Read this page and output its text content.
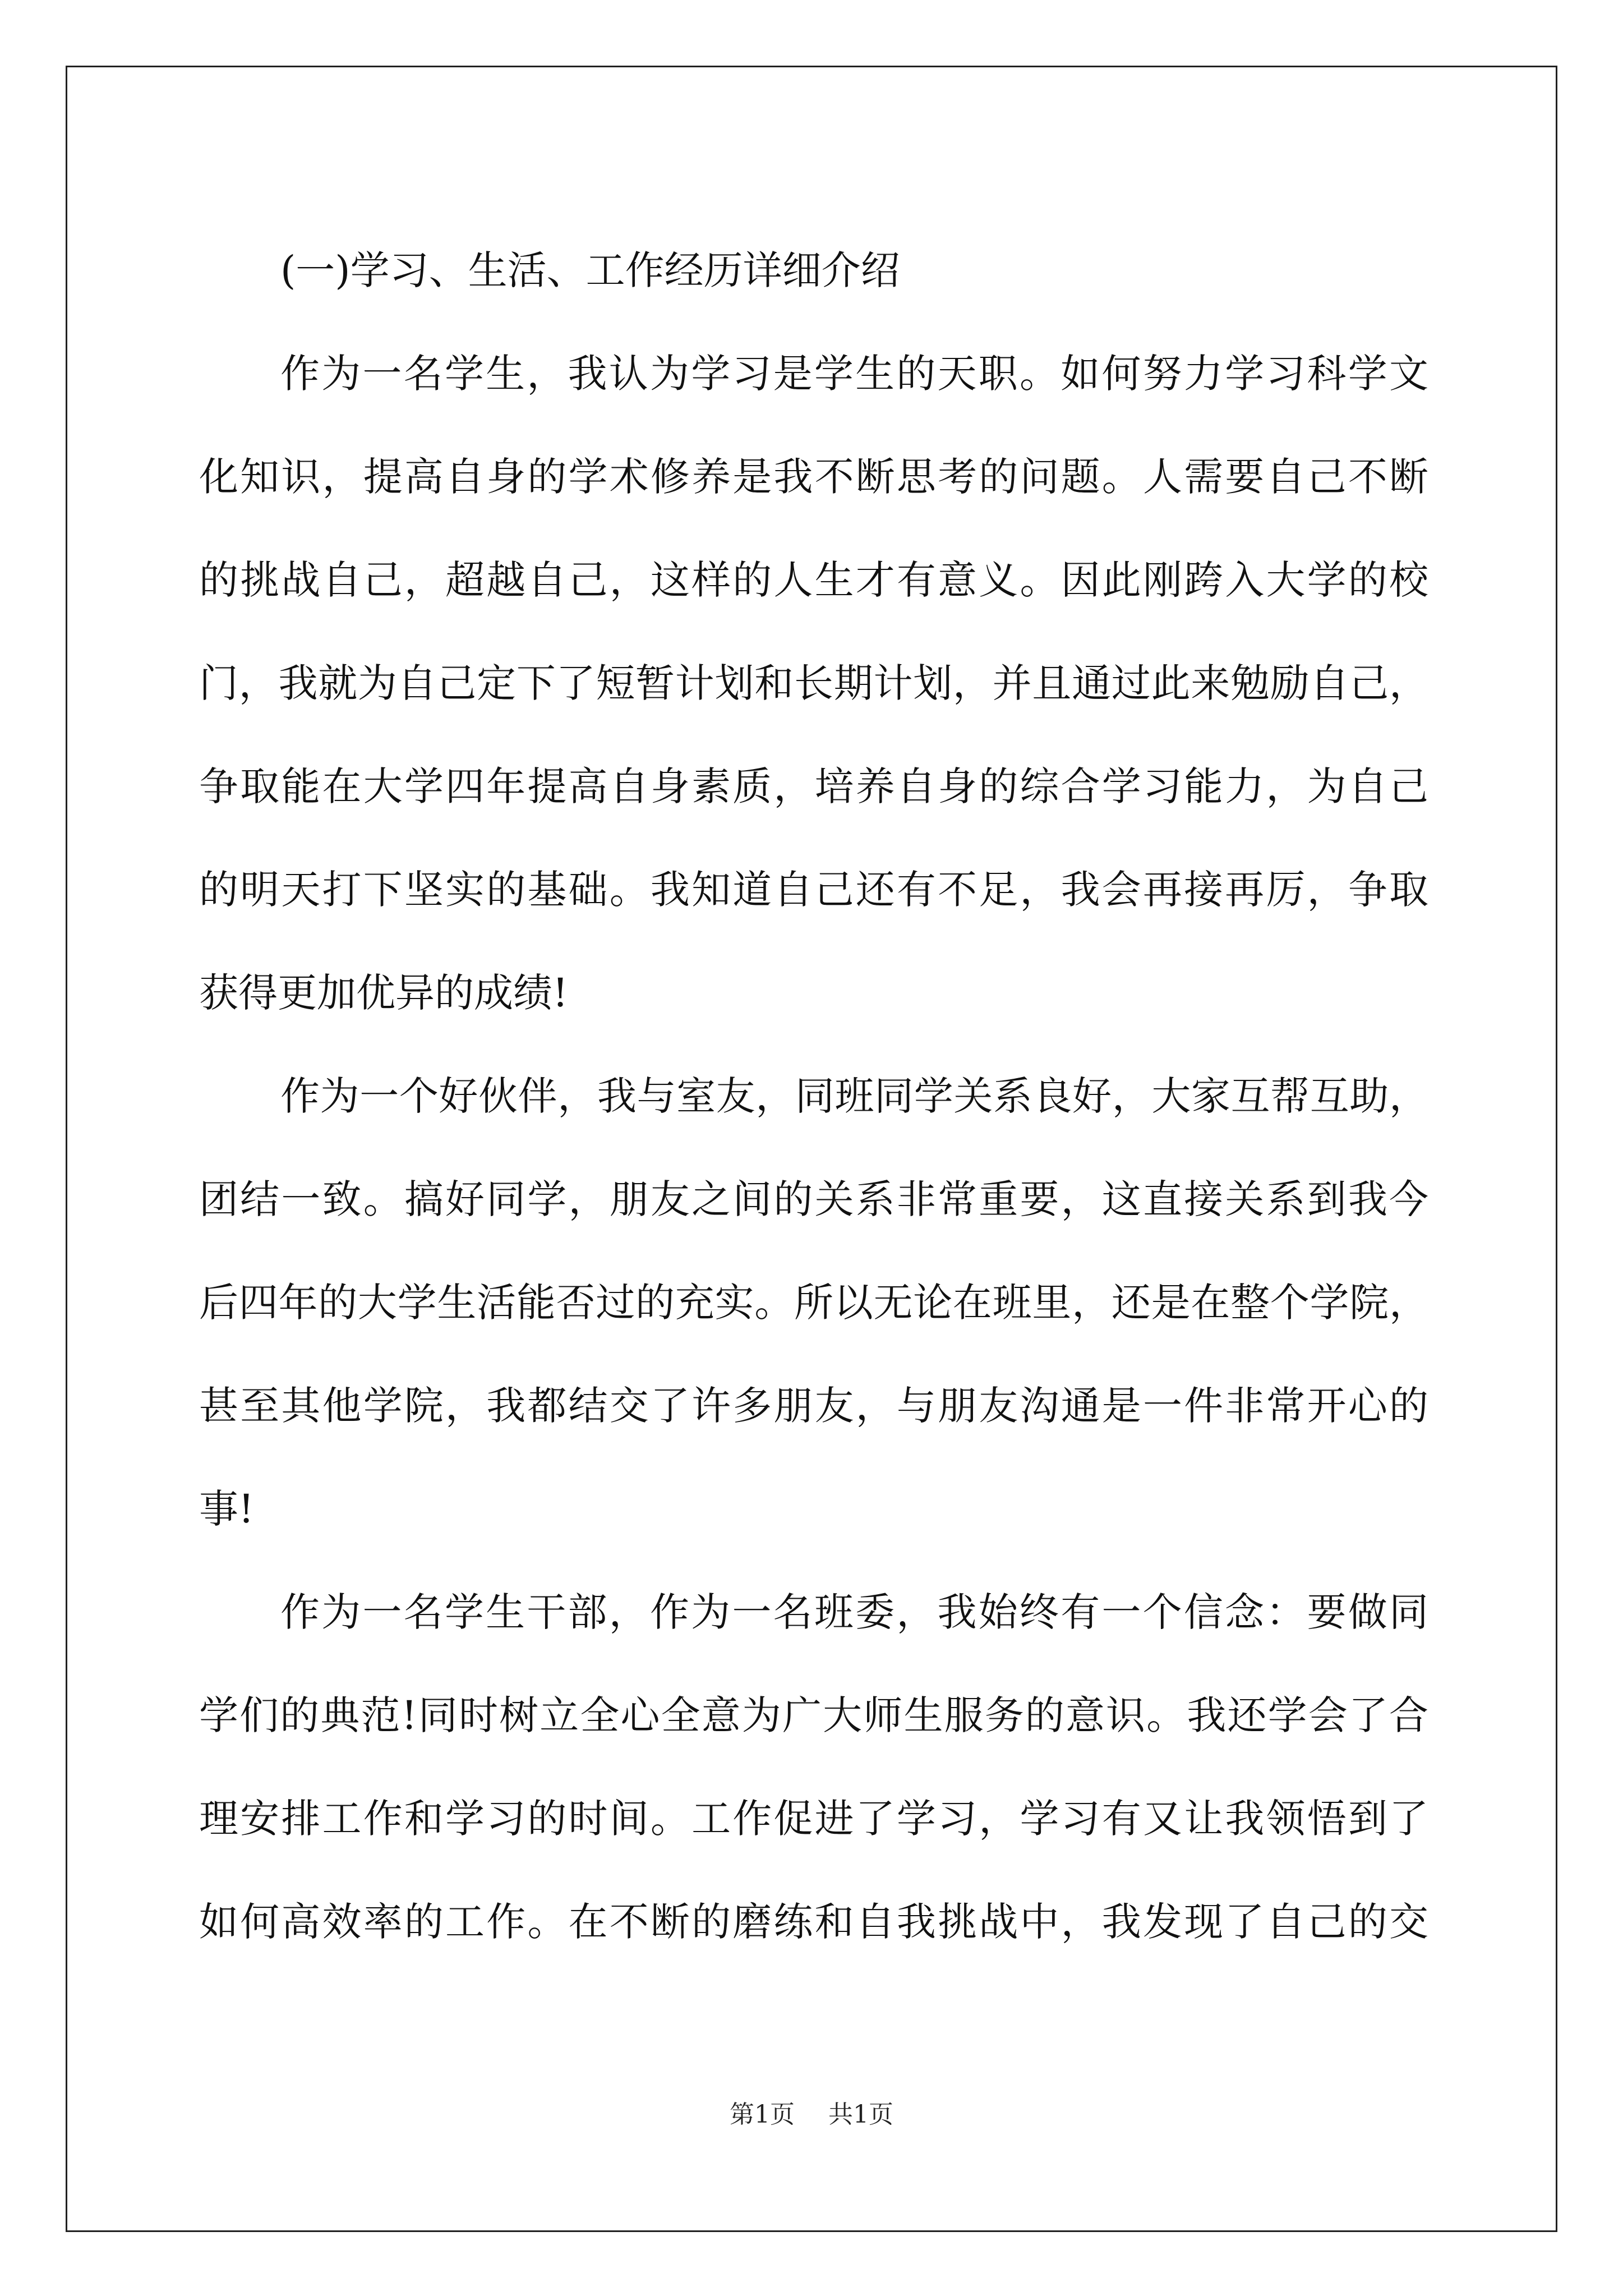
(一)学习、生活、工作经历详细介绍
作为一名学生，我认为学习是学生的天职。如何努力学习科学文
化知识，提高自身的学术修养是我不断思考的问题。人需要自己不断
的挑战自己，超越自己，这样的人生才有意义。因此刚跨入大学的校
门，我就为自己定下了短暂计划和长期计划，并且通过此来勉励自己，
争取能在大学四年提高自身素质，培养自身的综合学习能力，为自己
的明天打下坚实的基础。我知道自己还有不足，我会再接再厉，争取
获得更加优异的成绩!
作为一个好伙伴，我与室友，同班同学关系良好，大家互帮互助，
团结一致。搞好同学，朋友之间的关系非常重要，这直接关系到我今
后四年的大学生活能否过的充实。所以无论在班里，还是在整个学院，
甚至其他学院，我都结交了许多朋友，与朋友沟通是一件非常开心的
事!
作为一名学生干部，作为一名班委，我始终有一个信念：要做同
学们的典范!同时树立全心全意为广大师生服务的意识。我还学会了合
理安排工作和学习的时间。工作促进了学习，学习有又让我领悟到了
如何高效率的工作。在不断的磨练和自我挑战中，我发现了自己的交
第1页 共1页
